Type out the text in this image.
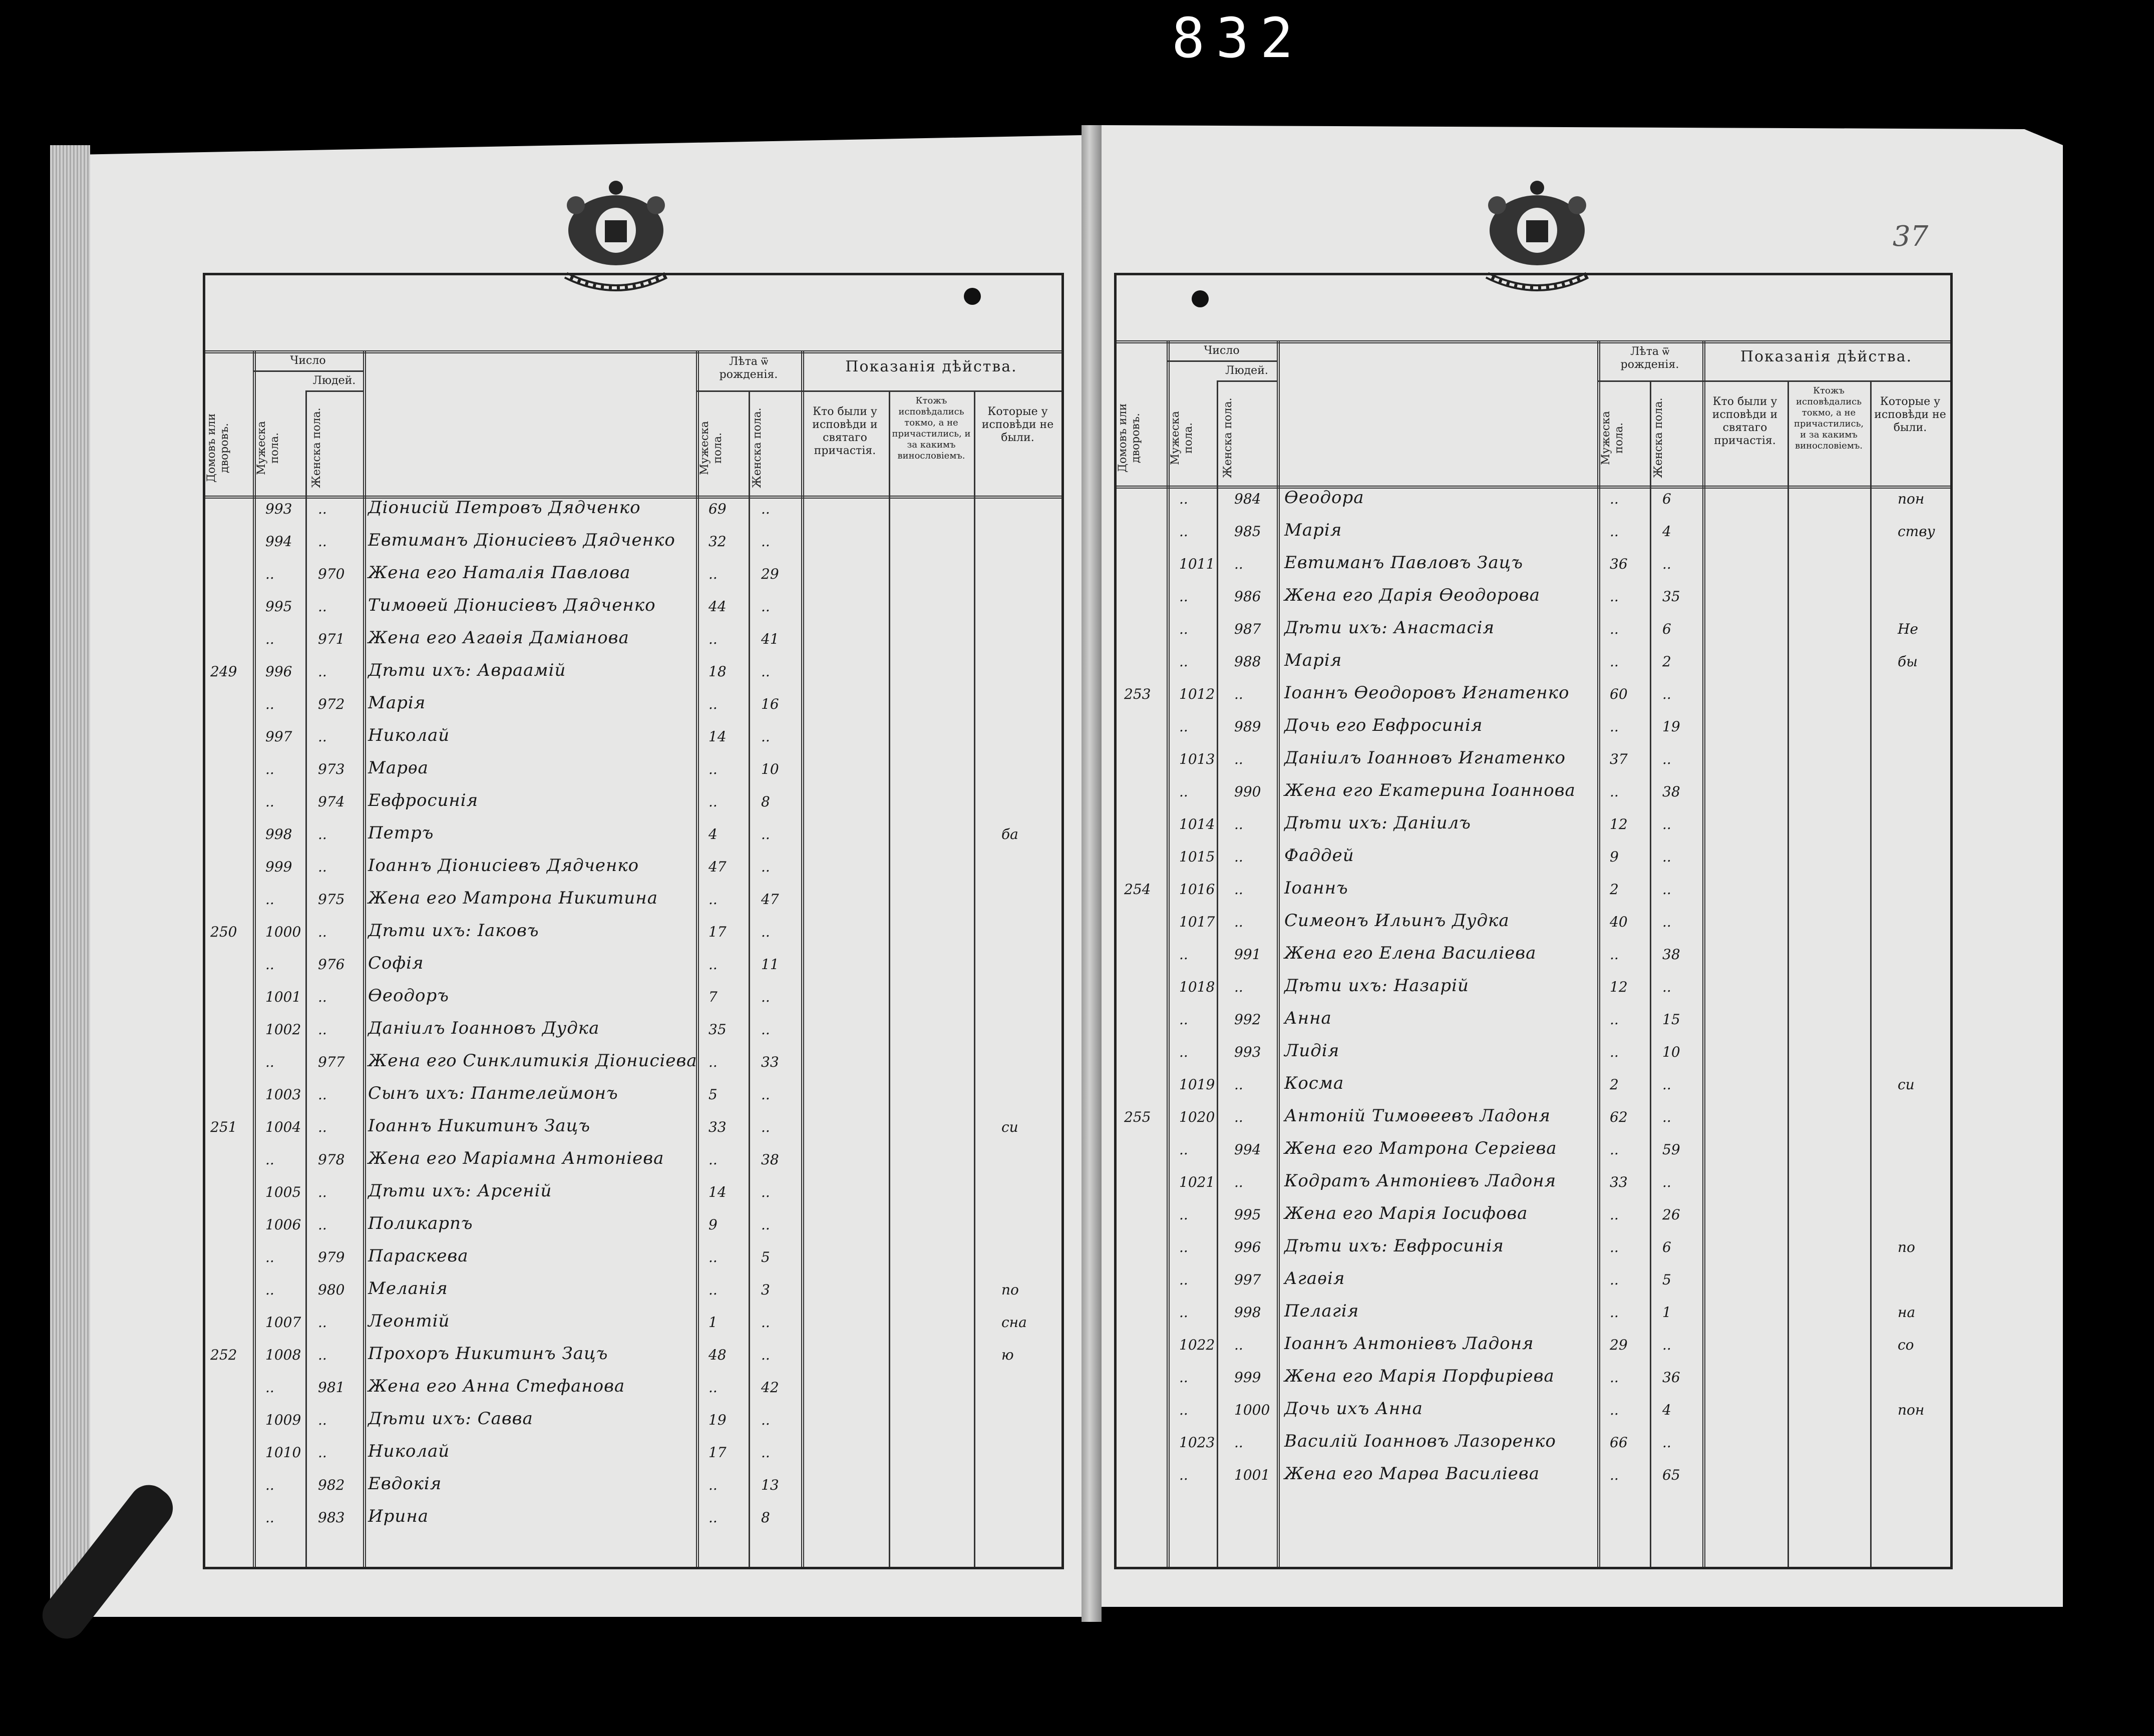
832
37
Число
Людей.
Домовъ или дворовъ.	Мужеска пола.	Женска пола.
Лѣта ѿ рожденія.
Мужеска пола.	Женска пола.
Показанія дѣйства.
Кто были у исповѣди и святаго причастія.
Ктожъ исповѣдались токмо, а не причастились, и за какимъ винословіемъ.
Которые у исповѣди не были.
993 .. Діонисій Петровъ Дядченко	69 ..
994 .. Евтиманъ Діонисіевъ Дядченко 32 ..
..	970 Жена его Наталія Павлова	..	29
995 .. Тимоѳей Діонисіевъ Дядченко	44 ..
..	971 Жена его Агаѳія Даміанова	..	41
249 996 .. Дѣти ихъ: Авраамій	18 ..
..	972 Марія	..	16
997 .. Николай	14 ..
..	973 Марѳа	..	10
..	974 Евфросинія	..	8
998 .. Петръ	4	..	ба
999 .. Іоаннъ Діонисіевъ Дядченко	47 ..
..	975 Жена его Матрона Никитина	..	47
250 1000 .. Дѣти ихъ: Іаковъ	17 ..
..	976 Софія	..	11
1001 .. Ѳеодоръ	7	..
1002 .. Даніилъ Іоанновъ Дудка	35 ..
..	977 Жена его Синклитикія Діонисіева ..	33
1003 .. Сынъ ихъ: Пантелеймонъ	5	..
251 1004 .. Іоаннъ Никитинъ Зацъ	33 ..	си
..	978 Жена его Маріамна Антоніева	..	38
1005 .. Дѣти ихъ: Арсеній	14 ..
1006 .. Поликарпъ	9	..
..	979 Параскева	..	5
..	980 Меланія	..	3	по
1007 .. Леонтій	1	..	сна
252 1008 .. Прохоръ Никитинъ Зацъ	48 ..	ю
..	981 Жена его Анна Стефанова	..	42
1009 .. Дѣти ихъ: Савва	19 ..
1010 .. Николай	17 ..
..	982 Евдокія	..	13
..	983 Ирина	..	8
Число
Людей.
Домовъ или дворовъ.	Мужеска пола.	Женска пола.
Лѣта ѿ рожденія.
Мужеска пола.	Женска пола.
Показанія дѣйства.
Кто были у исповѣди и святаго причастія.
Ктожъ исповѣдались токмо, а не причастились, и за какимъ винословіемъ.
Которые у исповѣди не были.
..	984 Ѳеодора	..	6	пон
..	985 Марія	..	4	ству
1011 .. Евтиманъ Павловъ Зацъ	36 ..
..	986 Жена его Дарія Ѳеодорова	..	35
..	987 Дѣти ихъ: Анастасія	..	6	Не
..	988 Марія	..	2	бы
253 1012 .. Іоаннъ Ѳеодоровъ Игнатенко	60 ..
..	989 Дочь его Евфросинія	..	19
1013 .. Даніилъ Іоанновъ Игнатенко	37 ..
..	990 Жена его Екатерина Іоаннова ..	38
1014 .. Дѣти ихъ: Даніилъ	12 ..
1015 .. Фаддей	9	..
254 1016 .. Іоаннъ	2	..
1017 .. Симеонъ Ильинъ Дудка	40 ..
..	991 Жена его Елена Василіева	..	38
1018 .. Дѣти ихъ: Назарій	12 ..
..	992 Анна	..	15
..	993 Лидія	..	10
1019 .. Косма	2	..	си
255 1020 .. Антоній Тимоѳеевъ Ладоня	62 ..
..	994 Жена его Матрона Сергіева	..	59
1021 .. Кодратъ Антоніевъ Ладоня	33 ..
..	995 Жена его Марія Іосифова	..	26
..	996 Дѣти ихъ: Евфросинія	..	6	по
..	997 Агаѳія	..	5
..	998 Пелагія	..	1	на
1022 .. Іоаннъ Антоніевъ Ладоня	29 ..	со
..	999 Жена его Марія Порфиріева	..	36
..	1000 Дочь ихъ Анна	..	4	пон
1023 .. Василій Іоанновъ Лазоренко	66 ..
..	1001 Жена его Марѳа Василіева	..	65
